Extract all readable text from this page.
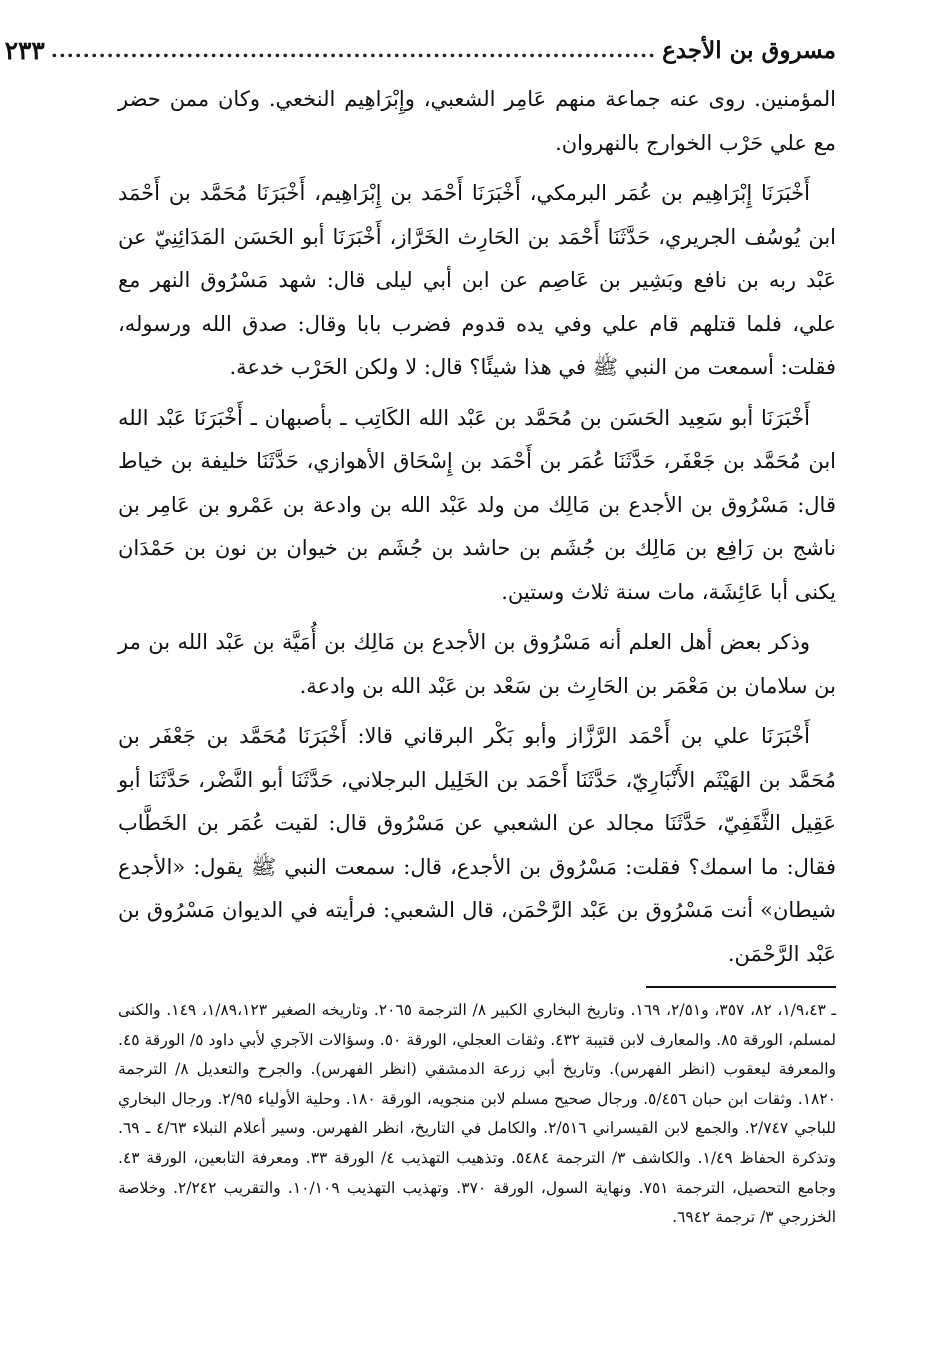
مسروق بن الأجدع
............................................................................
٢٣٣

المؤمنين. روى عنه جماعة منهم عَامِر الشعبي، وإِبْرَاهِيم النخعي. وكان ممن حضر مع علي حَرْب الخوارج بالنهروان.

أَخْبَرَنَا إِبْرَاهِيم بن عُمَر البرمكي، أَخْبَرَنَا أَحْمَد بن إِبْرَاهِيم، أَخْبَرَنَا مُحَمَّد بن أَحْمَد ابن يُوسُف الجريري، حَدَّثَنَا أَحْمَد بن الحَارِث الخَرَّاز، أَخْبَرَنَا أبو الحَسَن المَدَائِنِيّ عن عَبْد ربه بن نافع وبَشِير بن عَاصِم عن ابن أبي ليلى قال: شهد مَسْرُوق النهر مع علي، فلما قتلهم قام علي وفي يده قدوم فضرب بابا وقال: صدق الله ورسوله، فقلت: أسمعت من النبي ﷺ في هذا شيئًا؟ قال: لا ولكن الحَرْب خدعة.

أَخْبَرَنَا أبو سَعِيد الحَسَن بن مُحَمَّد بن عَبْد الله الكَاتِب ـ بأصبهان ـ أَخْبَرَنَا عَبْد الله ابن مُحَمَّد بن جَعْفَر، حَدَّثَنَا عُمَر بن أَحْمَد بن إِسْحَاق الأهوازي، حَدَّثَنَا خليفة بن خياط قال: مَسْرُوق بن الأجدع بن مَالِك من ولد عَبْد الله بن وادعة بن عَمْرو بن عَامِر بن ناشج بن رَافِع بن مَالِك بن جُشَم بن حاشد بن جُشَم بن خيوان بن نون بن حَمْدَان يكنى أبا عَائِشَة، مات سنة ثلاث وستين.

وذكر بعض أهل العلم أنه مَسْرُوق بن الأجدع بن مَالِك بن أُمَيَّة بن عَبْد الله بن مر بن سلامان بن مَعْمَر بن الحَارِث بن سَعْد بن عَبْد الله بن وادعة.

أَخْبَرَنَا علي بن أَحْمَد الرَّزَّاز وأبو بَكْر البرقاني قالا: أَخْبَرَنَا مُحَمَّد بن جَعْفَر بن مُحَمَّد بن الهَيْثَم الأَنْبَارِيّ، حَدَّثَنَا أَحْمَد بن الخَلِيل البرجلاني، حَدَّثَنَا أبو النَّضْر، حَدَّثَنَا أبو عَقِيل الثَّقَفِيّ، حَدَّثَنَا مجالد عن الشعبي عن مَسْرُوق قال: لقيت عُمَر بن الخَطَّاب فقال: ما اسمك؟ فقلت: مَسْرُوق بن الأجدع، قال: سمعت النبي ﷺ يقول: «الأجدع شيطان» أنت مَسْرُوق بن عَبْد الرَّحْمَن، قال الشعبي: فرأيته في الديوان مَسْرُوق بن عَبْد الرَّحْمَن.

ـ ١/٩،٤٣، ٨٢، ٣٥٧، و٢/٥١، ١٦٩. وتاريخ البخاري الكبير ٨/ الترجمة ٢٠٦٥. وتاريخه الصغير ١/٨٩،١٢٣، ١٤٩. والكنى لمسلم، الورقة ٨٥. والمعارف لابن قتيبة ٤٣٢. وثقات العجلي، الورقة ٥٠. وسؤالات الآجري لأبي داود ٥/ الورقة ٤٥. والمعرفة ليعقوب (انظر الفهرس). وتاريخ أبي زرعة الدمشقي (انظر الفهرس). والجرح والتعديل ٨/ الترجمة ١٨٢٠. وثقات ابن حبان ٥/٤٥٦. ورجال صحيح مسلم لابن منجويه، الورقة ١٨٠. وحلية الأولياء ٢/٩٥. ورجال البخاري للباجي ٢/٧٤٧. والجمع لابن القيسراني ٢/٥١٦. والكامل في التاريخ، انظر الفهرس. وسير أعلام النبلاء ٤/٦٣ ـ ٦٩. وتذكرة الحفاظ ١/٤٩. والكاشف ٣/ الترجمة ٥٤٨٤. وتذهيب التهذيب ٤/ الورقة ٣٣. ومعرفة التابعين، الورقة ٤٣. وجامع التحصيل، الترجمة ٧٥١. ونهاية السول، الورقة ٣٧٠. وتهذيب التهذيب ١٠/١٠٩. والتقريب ٢/٢٤٢. وخلاصة الخزرجي ٣/ ترجمة ٦٩٤٢.
